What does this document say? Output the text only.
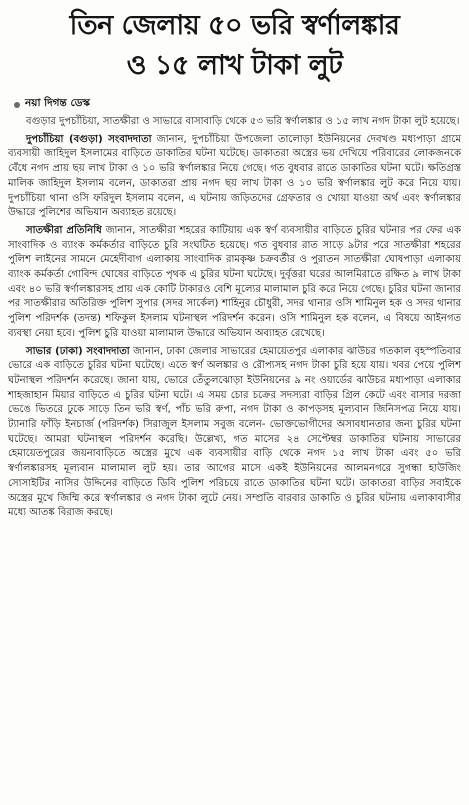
তিন জেলায় ৫০ ভরি স্বর্ণালঙ্কার
ও ১৫ লাখ টাকা লুট
নয়া দিগন্ত ডেস্ক

বগুড়ার দুপচাঁচিয়া, সাতক্ষীরা ও সাভারে বাসাবাড়ি থেকে ৫৩ ভরি স্বর্ণালঙ্কার ও ১৫ লাখ নগদ টাকা লুট হয়েছে।

দুপচাঁচিয়া (বগুড়া) সংবাদদাতা জানান, দুপচাঁচিয়া উপজেলা তালোড়া ইউনিয়নের দেবখণ্ড মধ্যপাড়া গ্রামে ব্যবসায়ী জাহিদুল ইসলামের বাড়িতে ডাকাতির ঘটনা ঘটেছে। ডাকাতরা অস্ত্রের ভয় দেখিয়ে পরিবারের লোকজনকে বেঁধে নগদ প্রায় ছয় লাখ টাকা ও ১০ ভরি স্বর্ণালঙ্কার নিয়ে গেছে। গত বুধবার রাতে ডাকাতির ঘটনা ঘটে। ক্ষতিগ্রস্ত মালিক জাহিদুল ইসলাম বলেন, ডাকাতরা প্রায় নগদ ছয় লাখ টাকা ও ১০ ভরি স্বর্ণালঙ্কার লুট করে নিয়ে যায়। দুপচাঁচিয়া থানা ওসি ফরিদুল ইসলাম বলেন, এ ঘটনায় জড়িতদের গ্রেফতার ও খোয়া যাওয়া অর্থ এবং স্বর্ণালঙ্কার উদ্ধারে পুলিশের অভিযান অব্যাহত রয়েছে।

সাতক্ষীরা প্রতিনিধি জানান, সাতক্ষীরা শহরের কাটিয়ায় এক স্বর্ণ ব্যবসায়ীর বাড়িতে চুরির ঘটনার পর ফের এক সাংবাদিক ও ব্যাংক কর্মকর্তার বাড়িতে চুরি সংঘটিত হয়েছে। গত বুধবার রাত সাড়ে ৯টার পরে সাতক্ষীরা শহরের পুলিশ লাইনের সামনে মেহেদীবাগ এলাকায় সাংবাদিক রামকৃষ্ণ চক্রবর্তীর ও পুরাতন সাতক্ষীরা ঘোষপাড়া এলাকায় ব্যাংক কর্মকর্তা গোবিন্দ ঘোষের বাড়িতে পৃথক এ চুরির ঘটনা ঘটেছে। দুর্বৃত্তরা ঘরের আলমিরাতে রক্ষিত ৯ লাখ টাকা এবং ৪০ ভরি স্বর্ণালঙ্কারসহ প্রায় এক কোটি টাকারও বেশি মূল্যের মালামাল চুরি করে নিয়ে গেছে। চুরির ঘটনা জানার পর সাতক্ষীরার অতিরিক্ত পুলিশ সুপার (সদর সার্কেল) শাহিনুর চৌধুরী, সদর থানার ওসি শামিনুল হক ও সদর থানার পুলিশ পরিদর্শক (তদন্ত) শফিকুল ইসলাম ঘটনাস্থল পরিদর্শন করেন। ওসি শামিনুল হক বলেন, এ বিষয়ে আইনগত ব্যবস্থা নেয়া হবে। পুলিশ চুরি যাওয়া মালামাল উদ্ধারে অভিযান অব্যাহত রেখেছে।

সাভার (ঢাকা) সংবাদদাতা জানান, ঢাকা জেলার সাভারের হেমায়েতপুর এলাকার ঝাউচর গতকাল বৃহস্পতিবার ভোরে এক বাড়িতে চুরির ঘটনা ঘটেছে। এতে স্বর্ণ অলঙ্কার ও রৌপ্যসহ নগদ টাকা চুরি হয়ে যায়। খবর পেয়ে পুলিশ ঘটনাস্থল পরিদর্শন করেছে। জানা যায়, ভোরে তেঁতুলঝোড়া ইউনিয়নের ৯ নং ওয়ার্ডের ঝাউচর মধ্যপাড়া এলাকার শাহজাহান মিয়ার বাড়িতে এ চুরির ঘটনা ঘটে। এ সময় চোর চক্রের সদস্যরা বাড়ির গ্রিল কেটে এবং বাসার দরজা ভেঙে ভিতরে ঢুকে সাড়ে তিন ভরি স্বর্ণ, পাঁচ ভরি রুপা, নগদ টাকা ও কাপড়সহ মূল্যবান জিনিসপত্র নিয়ে যায়। ট্যানারি ফাঁড়ি ইনচার্জ (পরিদর্শক) সিরাজুল ইসলাম সবুজ বলেন- ভোক্তভোগীদের অসাবধানতার জন্য চুরির ঘটনা ঘটেছে। আমরা ঘটনাস্থল পরিদর্শন করেছি। উল্লেখ্য, গত মাসের ২৪ সেপ্টেম্বর ডাকাতির ঘটনায় সাভারের হেমায়েতপুরের জয়নাবাড়িতে অস্ত্রের মুখে এক ব্যবসায়ীর বাড়ি থেকে নগদ ১৫ লাখ টাকা এবং ৫০ ভরি স্বর্ণালঙ্কারসহ মূল্যবান মালামাল লুট হয়। তার আগের মাসে একই ইউনিয়নের আলমনগরে সুগন্ধা হাউজিং সোসাইটির নাসির উদ্দিনের বাড়িতে ডিবি পুলিশ পরিচয়ে রাতে ডাকাতির ঘটনা ঘটে। ডাকাতরা বাড়ির সবাইকে অস্ত্রের মুখে জিম্মি করে স্বর্ণালঙ্কার ও নগদ টাকা লুটে নেয়। সম্প্রতি বারবার ডাকাতি ও চুরির ঘটনায় এলাকাবাসীর মধ্যে আতঙ্ক বিরাজ করছে।
